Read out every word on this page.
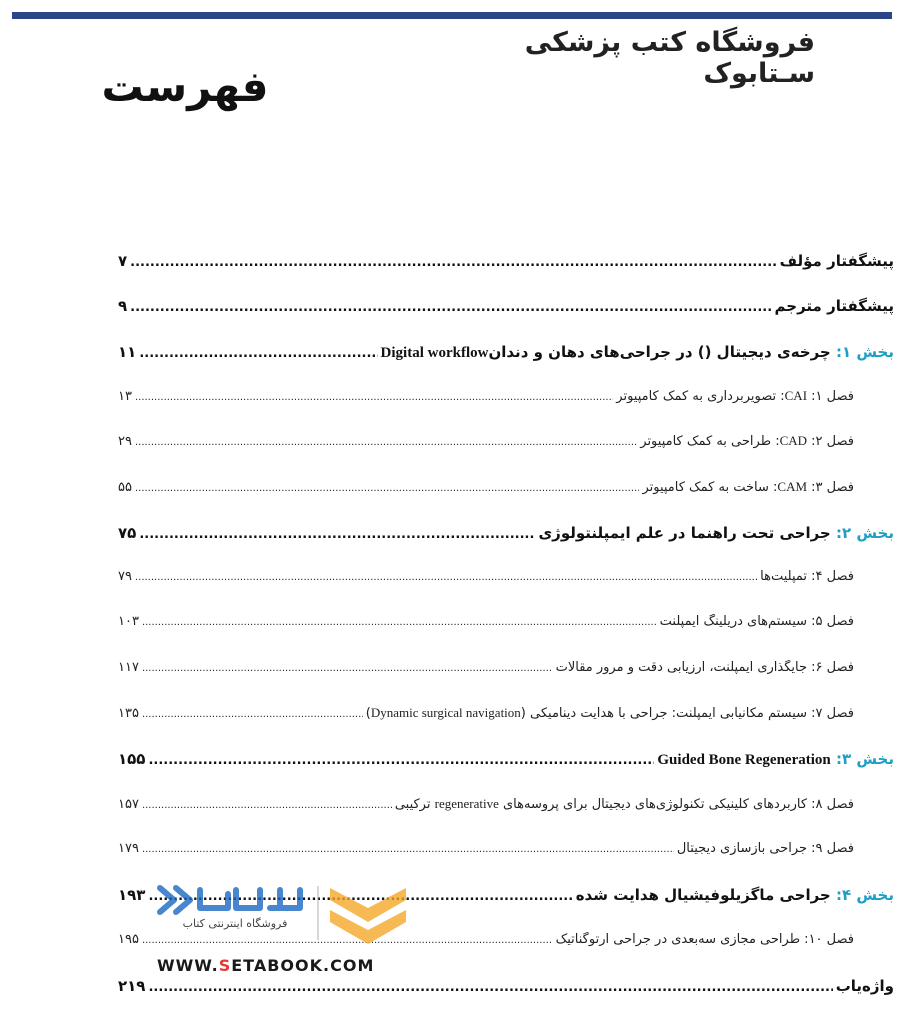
فروشگاه کتب پزشکی سـتابوک
فهرست
پیشگفتار مؤلف
.....
۷
پیشگفتار مترجم
.....
۹
بخش ۱: چرخه‌ی دیجیتال () در جراحی‌های دهان و دندانDigital workflow
.....
۱۱
فصل ۱: CAI: تصویربرداری به کمک کامپیوتر
.....
۱۳
فصل ۲: CAD: طراحی به کمک کامپیوتر
.....
۲۹
فصل ۳: CAM: ساخت به کمک کامپیوتر
.....
۵۵
بخش ۲: جراحی تحت راهنما در علم ایمپلنتولوژی
.....
۷۵
فصل ۴: تمپلیت‌ها
.....
۷۹
فصل ۵: سیستم‌های دریلینگ ایمپلنت
.....
۱۰۳
فصل ۶: جایگذاری ایمپلنت، ارزیابی دقت و مرور مقالات
.....
۱۱۷
فصل ۷: سیستم مکانیابی ایمپلنت: جراحی با هدایت دینامیکی (Dynamic surgical navigation)
.....
۱۳۵
بخش ۳: Guided Bone Regeneration
.....
۱۵۵
فصل ۸: کاربردهای کلینیکی تکنولوژی‌های دیجیتال برای پروسه‌های regenerative ترکیبی
.....
۱۵۷
فصل ۹: جراحی بازسازی دیجیتال
.....
۱۷۹
بخش ۴: جراحی ماگزیلوفیشیال هدایت شده
.....
۱۹۳
فصل ۱۰: طراحی مجازی سه‌بعدی در جراحی ارتوگناتیک
.....
۱۹۵
واژه‌یاب
.....
۲۱۹
فروشگاه اینترنتی کتاب
WWW.SETABOOK.COM
